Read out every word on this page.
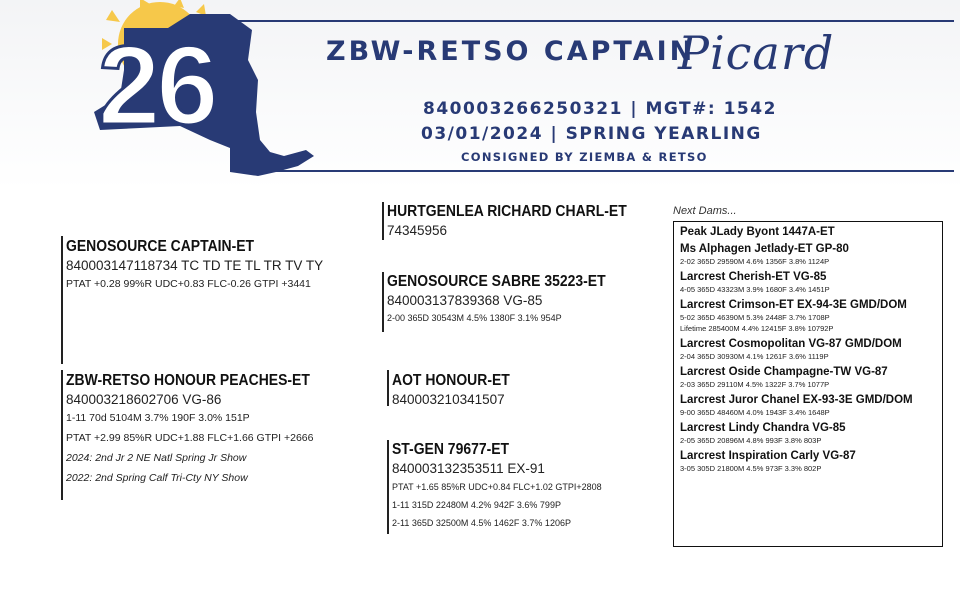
26	ZBW-RETSO CAPTAIN
Picard
840003266250321 | MGT#: 1542
03/01/2024 | SPRING YEARLING
CONSIGNED BY ZIEMBA & RETSO
GENOSOURCE CAPTAIN-ET
840003147118734 TC TD TE TL TR TV TY
PTAT +0.28 99%R UDC+0.83 FLC-0.26 GTPI +3441
ZBW-RETSO HONOUR PEACHES-ET
840003218602706 VG-86
1-11 70d 5104M 3.7% 190F 3.0% 151P
PTAT +2.99 85%R UDC+1.88 FLC+1.66 GTPI +2666
2024: 2nd Jr 2 NE Natl Spring Jr Show
2022: 2nd Spring Calf Tri-Cty NY Show
HURTGENLEA RICHARD CHARL-ET
74345956
GENOSOURCE SABRE 35223-ET
840003137839368 VG-85
2-00 365D 30543M 4.5% 1380F 3.1% 954P
AOT HONOUR-ET
840003210341507
ST-GEN 79677-ET
840003132353511 EX-91
PTAT +1.65 85%R UDC+0.84 FLC+1.02 GTPI+2808
1-11 315D 22480M 4.2% 942F 3.6% 799P
2-11 365D 32500M 4.5% 1462F 3.7% 1206P
Next Dams...
Peak JLady Byont 1447A-ET
Ms Alphagen Jetlady-ET GP-80
2-02 365D 29590M 4.6% 1356F 3.8% 1124P
Larcrest Cherish-ET VG-85
4-05 365D 43323M 3.9% 1680F 3.4% 1451P
Larcrest Crimson-ET EX-94-3E GMD/DOM
5-02 365D 46390M 5.3% 2448F 3.7% 1708P
Lifetime 285400M 4.4% 12415F 3.8% 10792P
Larcrest Cosmopolitan VG-87 GMD/DOM
2-04 365D 30930M 4.1% 1261F 3.6% 1119P
Larcrest Oside Champagne-TW VG-87
2-03 365D 29110M 4.5% 1322F 3.7% 1077P
Larcrest Juror Chanel EX-93-3E GMD/DOM
9-00 365D 48460M 4.0% 1943F 3.4% 1648P
Larcrest Lindy Chandra VG-85
2-05 365D 20896M 4.8% 993F 3.8% 803P
Larcrest Inspiration Carly VG-87
3-05 305D 21800M 4.5% 973F 3.3% 802P
